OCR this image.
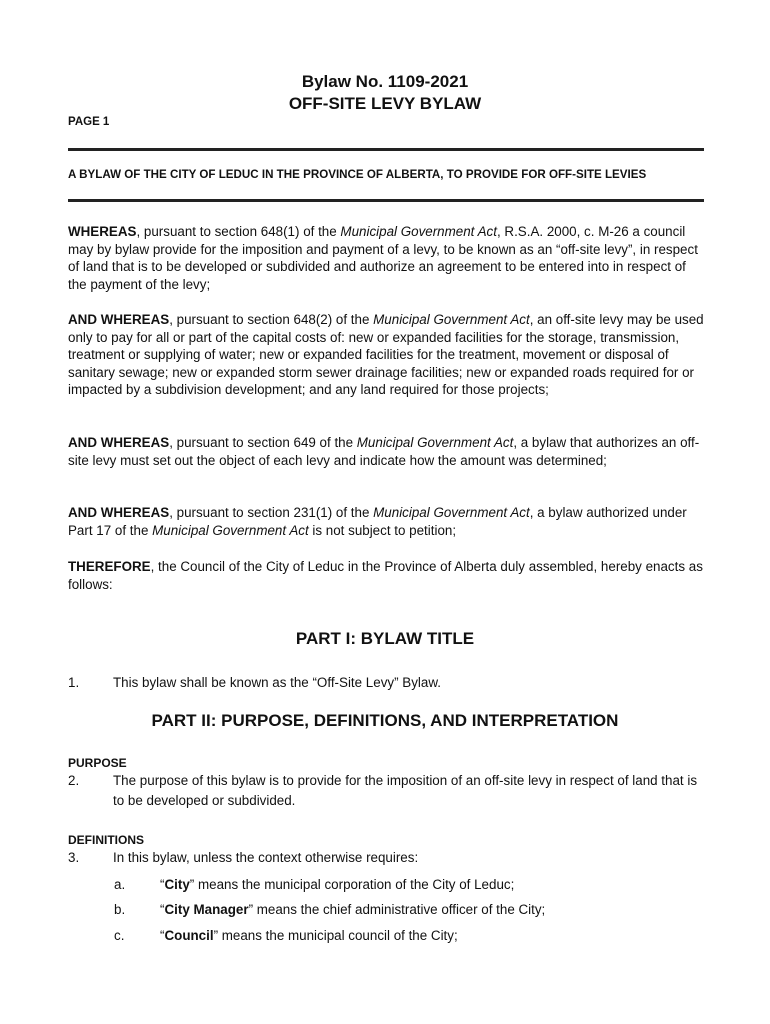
Bylaw No. 1109-2021
OFF-SITE LEVY BYLAW
PAGE 1
A BYLAW OF THE CITY OF LEDUC IN THE PROVINCE OF ALBERTA, TO PROVIDE FOR OFF-SITE LEVIES
WHEREAS, pursuant to section 648(1) of the Municipal Government Act, R.S.A. 2000, c. M-26 a council may by bylaw provide for the imposition and payment of a levy, to be known as an “off-site levy”, in respect of land that is to be developed or subdivided and authorize an agreement to be entered into in respect of the payment of the levy;
AND WHEREAS, pursuant to section 648(2) of the Municipal Government Act, an off-site levy may be used only to pay for all or part of the capital costs of: new or expanded facilities for the storage, transmission, treatment or supplying of water; new or expanded facilities for the treatment, movement or disposal of sanitary sewage; new or expanded storm sewer drainage facilities; new or expanded roads required for or impacted by a subdivision development; and any land required for those projects;
AND WHEREAS, pursuant to section 649 of the Municipal Government Act, a bylaw that authorizes an off-site levy must set out the object of each levy and indicate how the amount was determined;
AND WHEREAS, pursuant to section 231(1) of the Municipal Government Act, a bylaw authorized under Part 17 of the Municipal Government Act is not subject to petition;
THEREFORE, the Council of the City of Leduc in the Province of Alberta duly assembled, hereby enacts as follows:
PART I: BYLAW TITLE
1.	This bylaw shall be known as the “Off-Site Levy” Bylaw.
PART II: PURPOSE, DEFINITIONS, AND INTERPRETATION
PURPOSE
2.	The purpose of this bylaw is to provide for the imposition of an off-site levy in respect of land that is to be developed or subdivided.
DEFINITIONS
3.	In this bylaw, unless the context otherwise requires:
a.	“City” means the municipal corporation of the City of Leduc;
b.	“City Manager” means the chief administrative officer of the City;
c.	“Council” means the municipal council of the City;
